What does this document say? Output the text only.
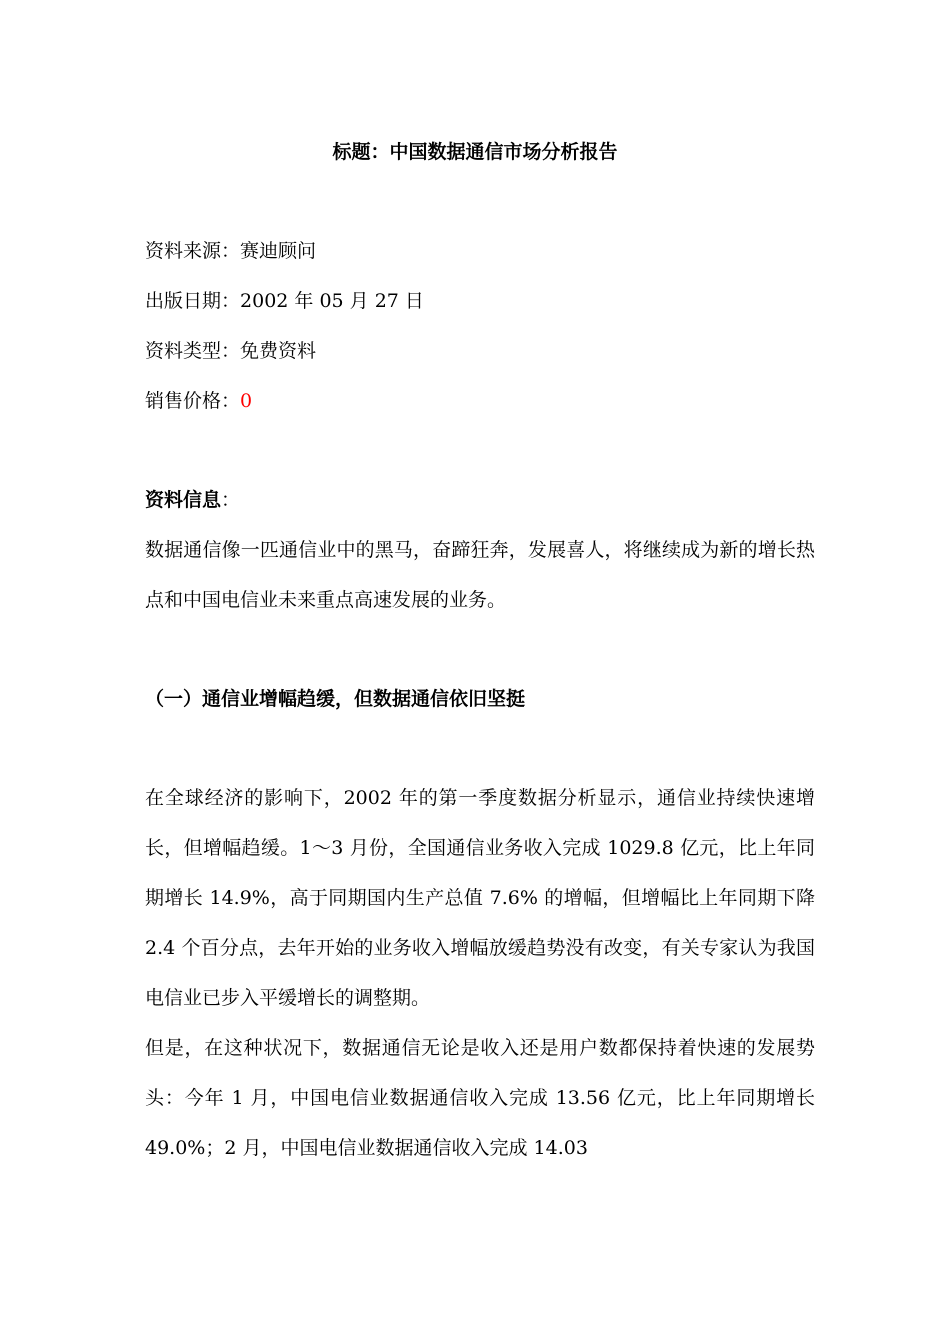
标题：中国数据通信市场分析报告
资料来源：赛迪顾问
出版日期：2002 年 05 月 27 日
资料类型：免费资料
销售价格：0
资料信息：

数据通信像一匹通信业中的黑马，奋蹄狂奔，发展喜人，将继续成为新的增长热点和中国电信业未来重点高速发展的业务。

（一）通信业增幅趋缓，但数据通信依旧坚挺

在全球经济的影响下，2002 年的第一季度数据分析显示，通信业持续快速增长，但增幅趋缓。1～3 月份，全国通信业务收入完成 1029.8 亿元，比上年同期增长 14.9%，高于同期国内生产总值 7.6% 的增幅，但增幅比上年同期下降 2.4 个百分点，去年开始的业务收入增幅放缓趋势没有改变，有关专家认为我国电信业已步入平缓增长的调整期。

但是，在这种状况下，数据通信无论是收入还是用户数都保持着快速的发展势头：今年 1 月，中国电信业数据通信收入完成 13.56 亿元，比上年同期增长 49.0%；2 月，中国电信业数据通信收入完成 14.03
